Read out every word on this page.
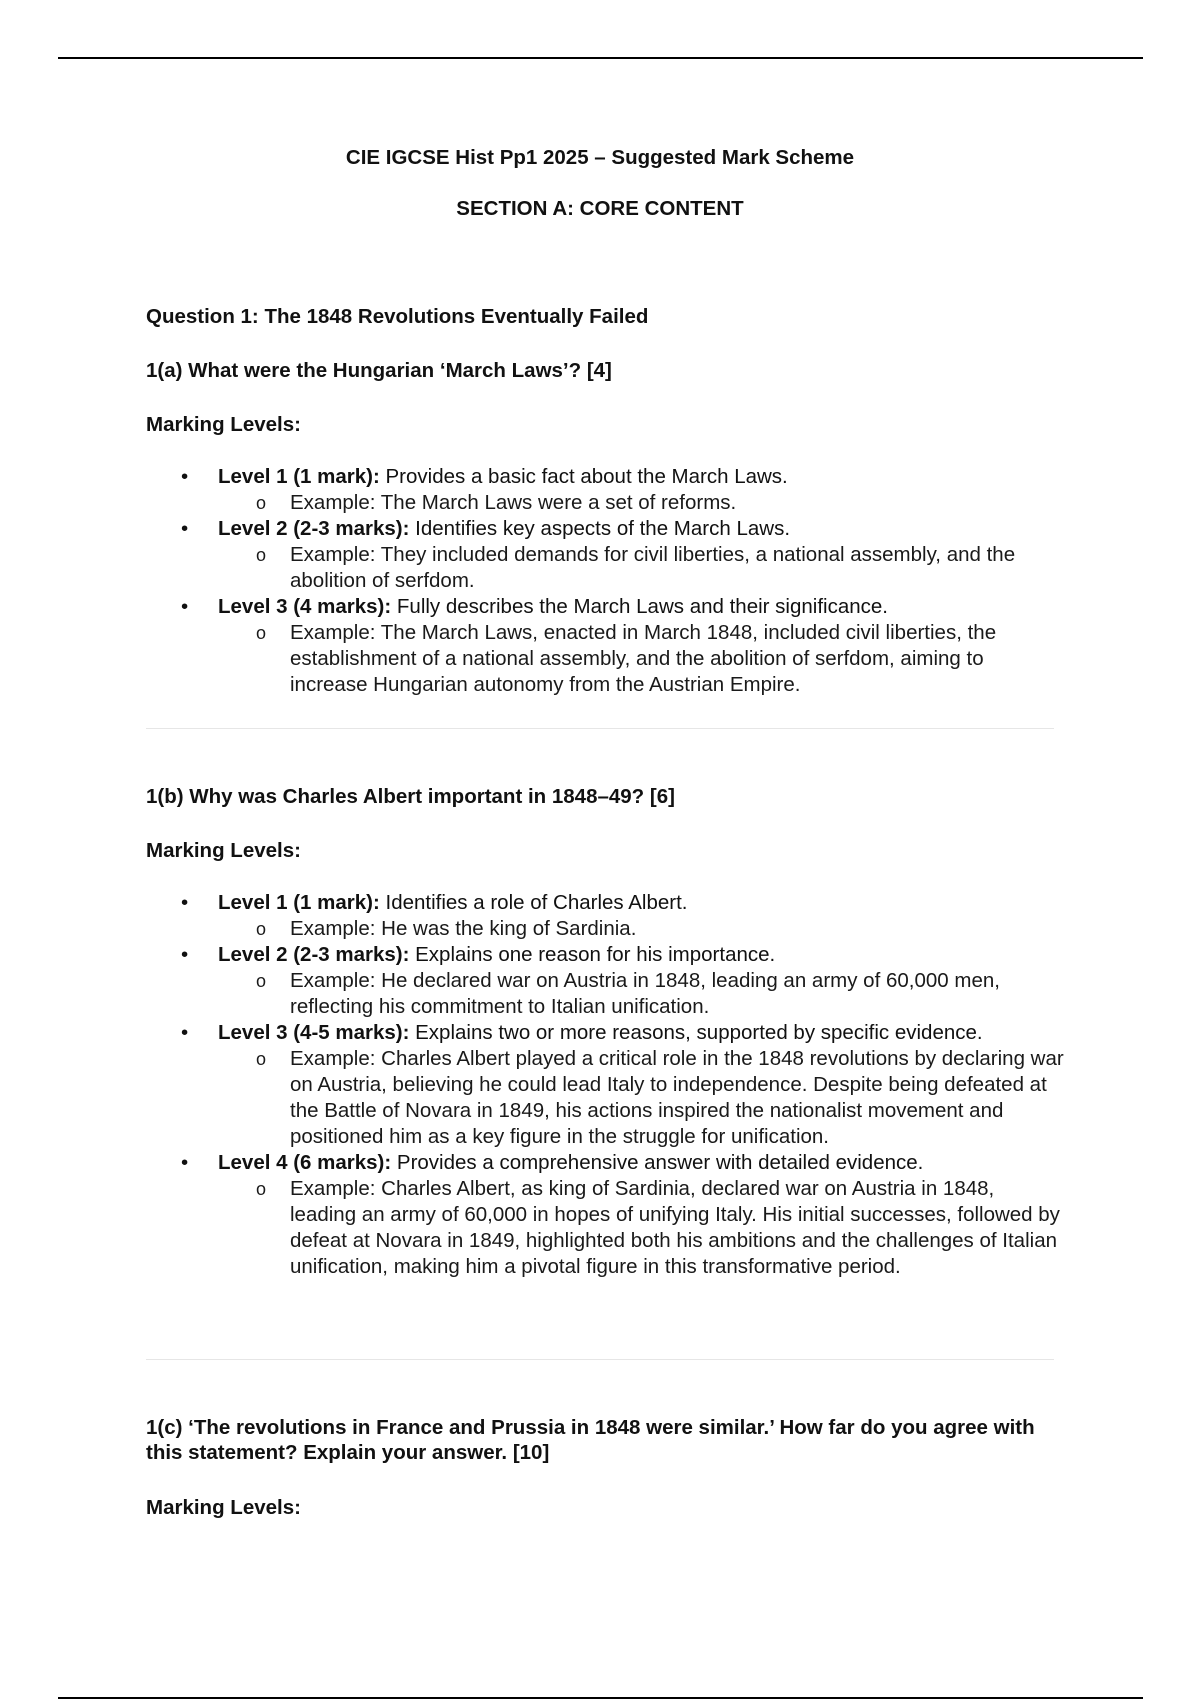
CIE IGCSE Hist Pp1 2025 – Suggested Mark Scheme
SECTION A: CORE CONTENT
Question 1: The 1848 Revolutions Eventually Failed
1(a) What were the Hungarian ‘March Laws’? [4]
Marking Levels:
• Level 1 (1 mark): Provides a basic fact about the March Laws.
o Example: The March Laws were a set of reforms.
• Level 2 (2-3 marks): Identifies key aspects of the March Laws.
o Example: They included demands for civil liberties, a national assembly, and the abolition of serfdom.
• Level 3 (4 marks): Fully describes the March Laws and their significance.
o Example: The March Laws, enacted in March 1848, included civil liberties, the establishment of a national assembly, and the abolition of serfdom, aiming to increase Hungarian autonomy from the Austrian Empire.
1(b) Why was Charles Albert important in 1848–49? [6]
Marking Levels:
• Level 1 (1 mark): Identifies a role of Charles Albert.
o Example: He was the king of Sardinia.
• Level 2 (2-3 marks): Explains one reason for his importance.
o Example: He declared war on Austria in 1848, leading an army of 60,000 men, reflecting his commitment to Italian unification.
• Level 3 (4-5 marks): Explains two or more reasons, supported by specific evidence.
o Example: Charles Albert played a critical role in the 1848 revolutions by declaring war on Austria, believing he could lead Italy to independence. Despite being defeated at the Battle of Novara in 1849, his actions inspired the nationalist movement and positioned him as a key figure in the struggle for unification.
• Level 4 (6 marks): Provides a comprehensive answer with detailed evidence.
o Example: Charles Albert, as king of Sardinia, declared war on Austria in 1848, leading an army of 60,000 in hopes of unifying Italy. His initial successes, followed by defeat at Novara in 1849, highlighted both his ambitions and the challenges of Italian unification, making him a pivotal figure in this transformative period.
1(c) ‘The revolutions in France and Prussia in 1848 were similar.’ How far do you agree with this statement? Explain your answer. [10]
Marking Levels:
